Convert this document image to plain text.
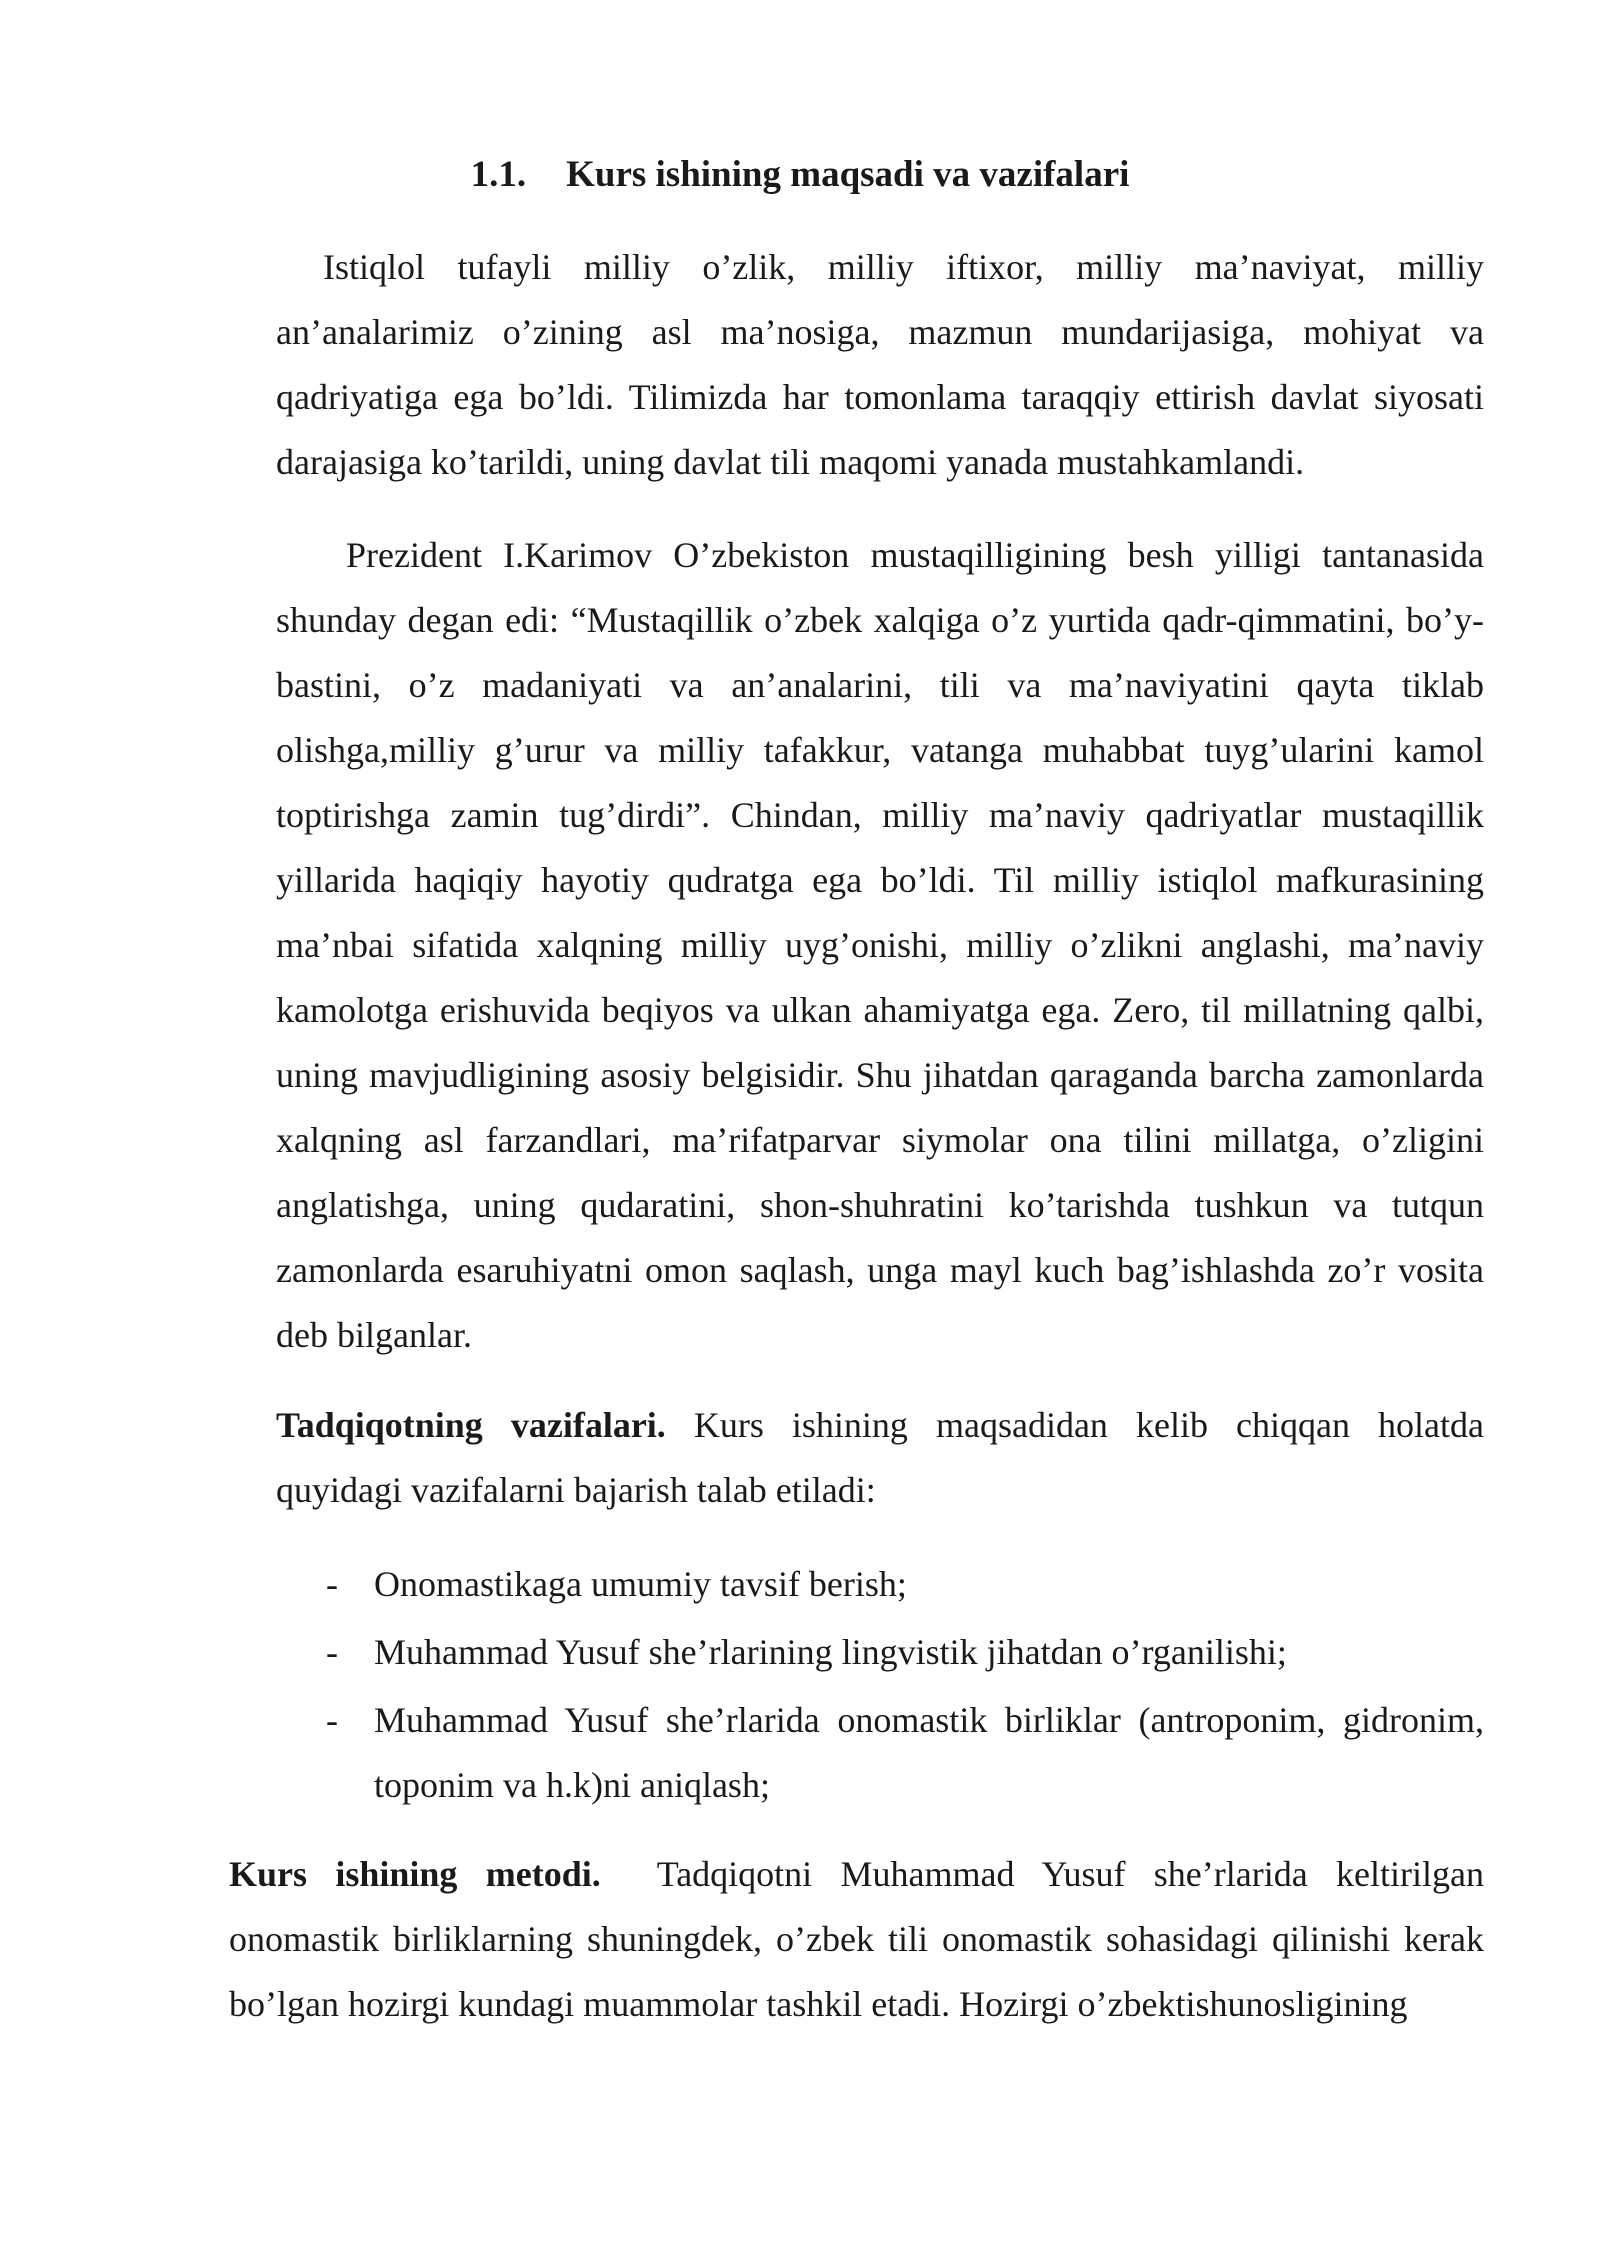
1.1. Kurs ishining maqsadi va vazifalari

Istiqlol tufayli milliy o’zlik, milliy iftixor, milliy ma’naviyat, milliy an’analarimiz o’zining asl ma’nosiga, mazmun mundarijasiga, mohiyat va qadriyatiga ega bo’ldi. Tilimizda har tomonlama taraqqiy ettirish davlat siyosati darajasiga ko’tarildi, uning davlat tili maqomi yanada mustahkamlandi.

Prezident I.Karimov O’zbekiston mustaqilligining besh yilligi tantanasida shunday degan edi: “Mustaqillik o’zbek xalqiga o’z yurtida qadr-qimmatini, bo’y-bastini, o’z madaniyati va an’analarini, tili va ma’naviyatini qayta tiklab olishga,milliy g’urur va milliy tafakkur, vatanga muhabbat tuyg’ularini kamol toptirishga zamin tug’dirdi”. Chindan, milliy ma’naviy qadriyatlar mustaqillik yillarida haqiqiy hayotiy qudratga ega bo’ldi. Til milliy istiqlol mafkurasining ma’nbai sifatida xalqning milliy uyg’onishi, milliy o’zlikni anglashi, ma’naviy kamolotga erishuvida beqiyos va ulkan ahamiyatga ega. Zero, til millatning qalbi, uning mavjudligining asosiy belgisidir. Shu jihatdan qaraganda barcha zamonlarda xalqning asl farzandlari, ma’rifatparvar siymolar ona tilini millatga, o’zligini anglatishga, uning qudaratini, shon-shuhratini ko’tarishda tushkun va tutqun zamonlarda esaruhiyatni omon saqlash, unga mayl kuch bag’ishlashda zo’r vosita deb bilganlar.

Tadqiqotning vazifalari. Kurs ishining maqsadidan kelib chiqqan holatda quyidagi vazifalarni bajarish talab etiladi:

- Onomastikaga umumiy tavsif berish;
- Muhammad Yusuf she’rlarining lingvistik jihatdan o’rganilishi;
- Muhammad Yusuf she’rlarida onomastik birliklar (antroponim, gidronim, toponim va h.k)ni aniqlash;

Kurs ishining metodi.  Tadqiqotni Muhammad Yusuf she’rlarida keltirilgan onomastik birliklarning shuningdek, o’zbek tili onomastik sohasidagi qilinishi kerak bo’lgan hozirgi kundagi muammolar tashkil etadi. Hozirgi o’zbektishunosligining
